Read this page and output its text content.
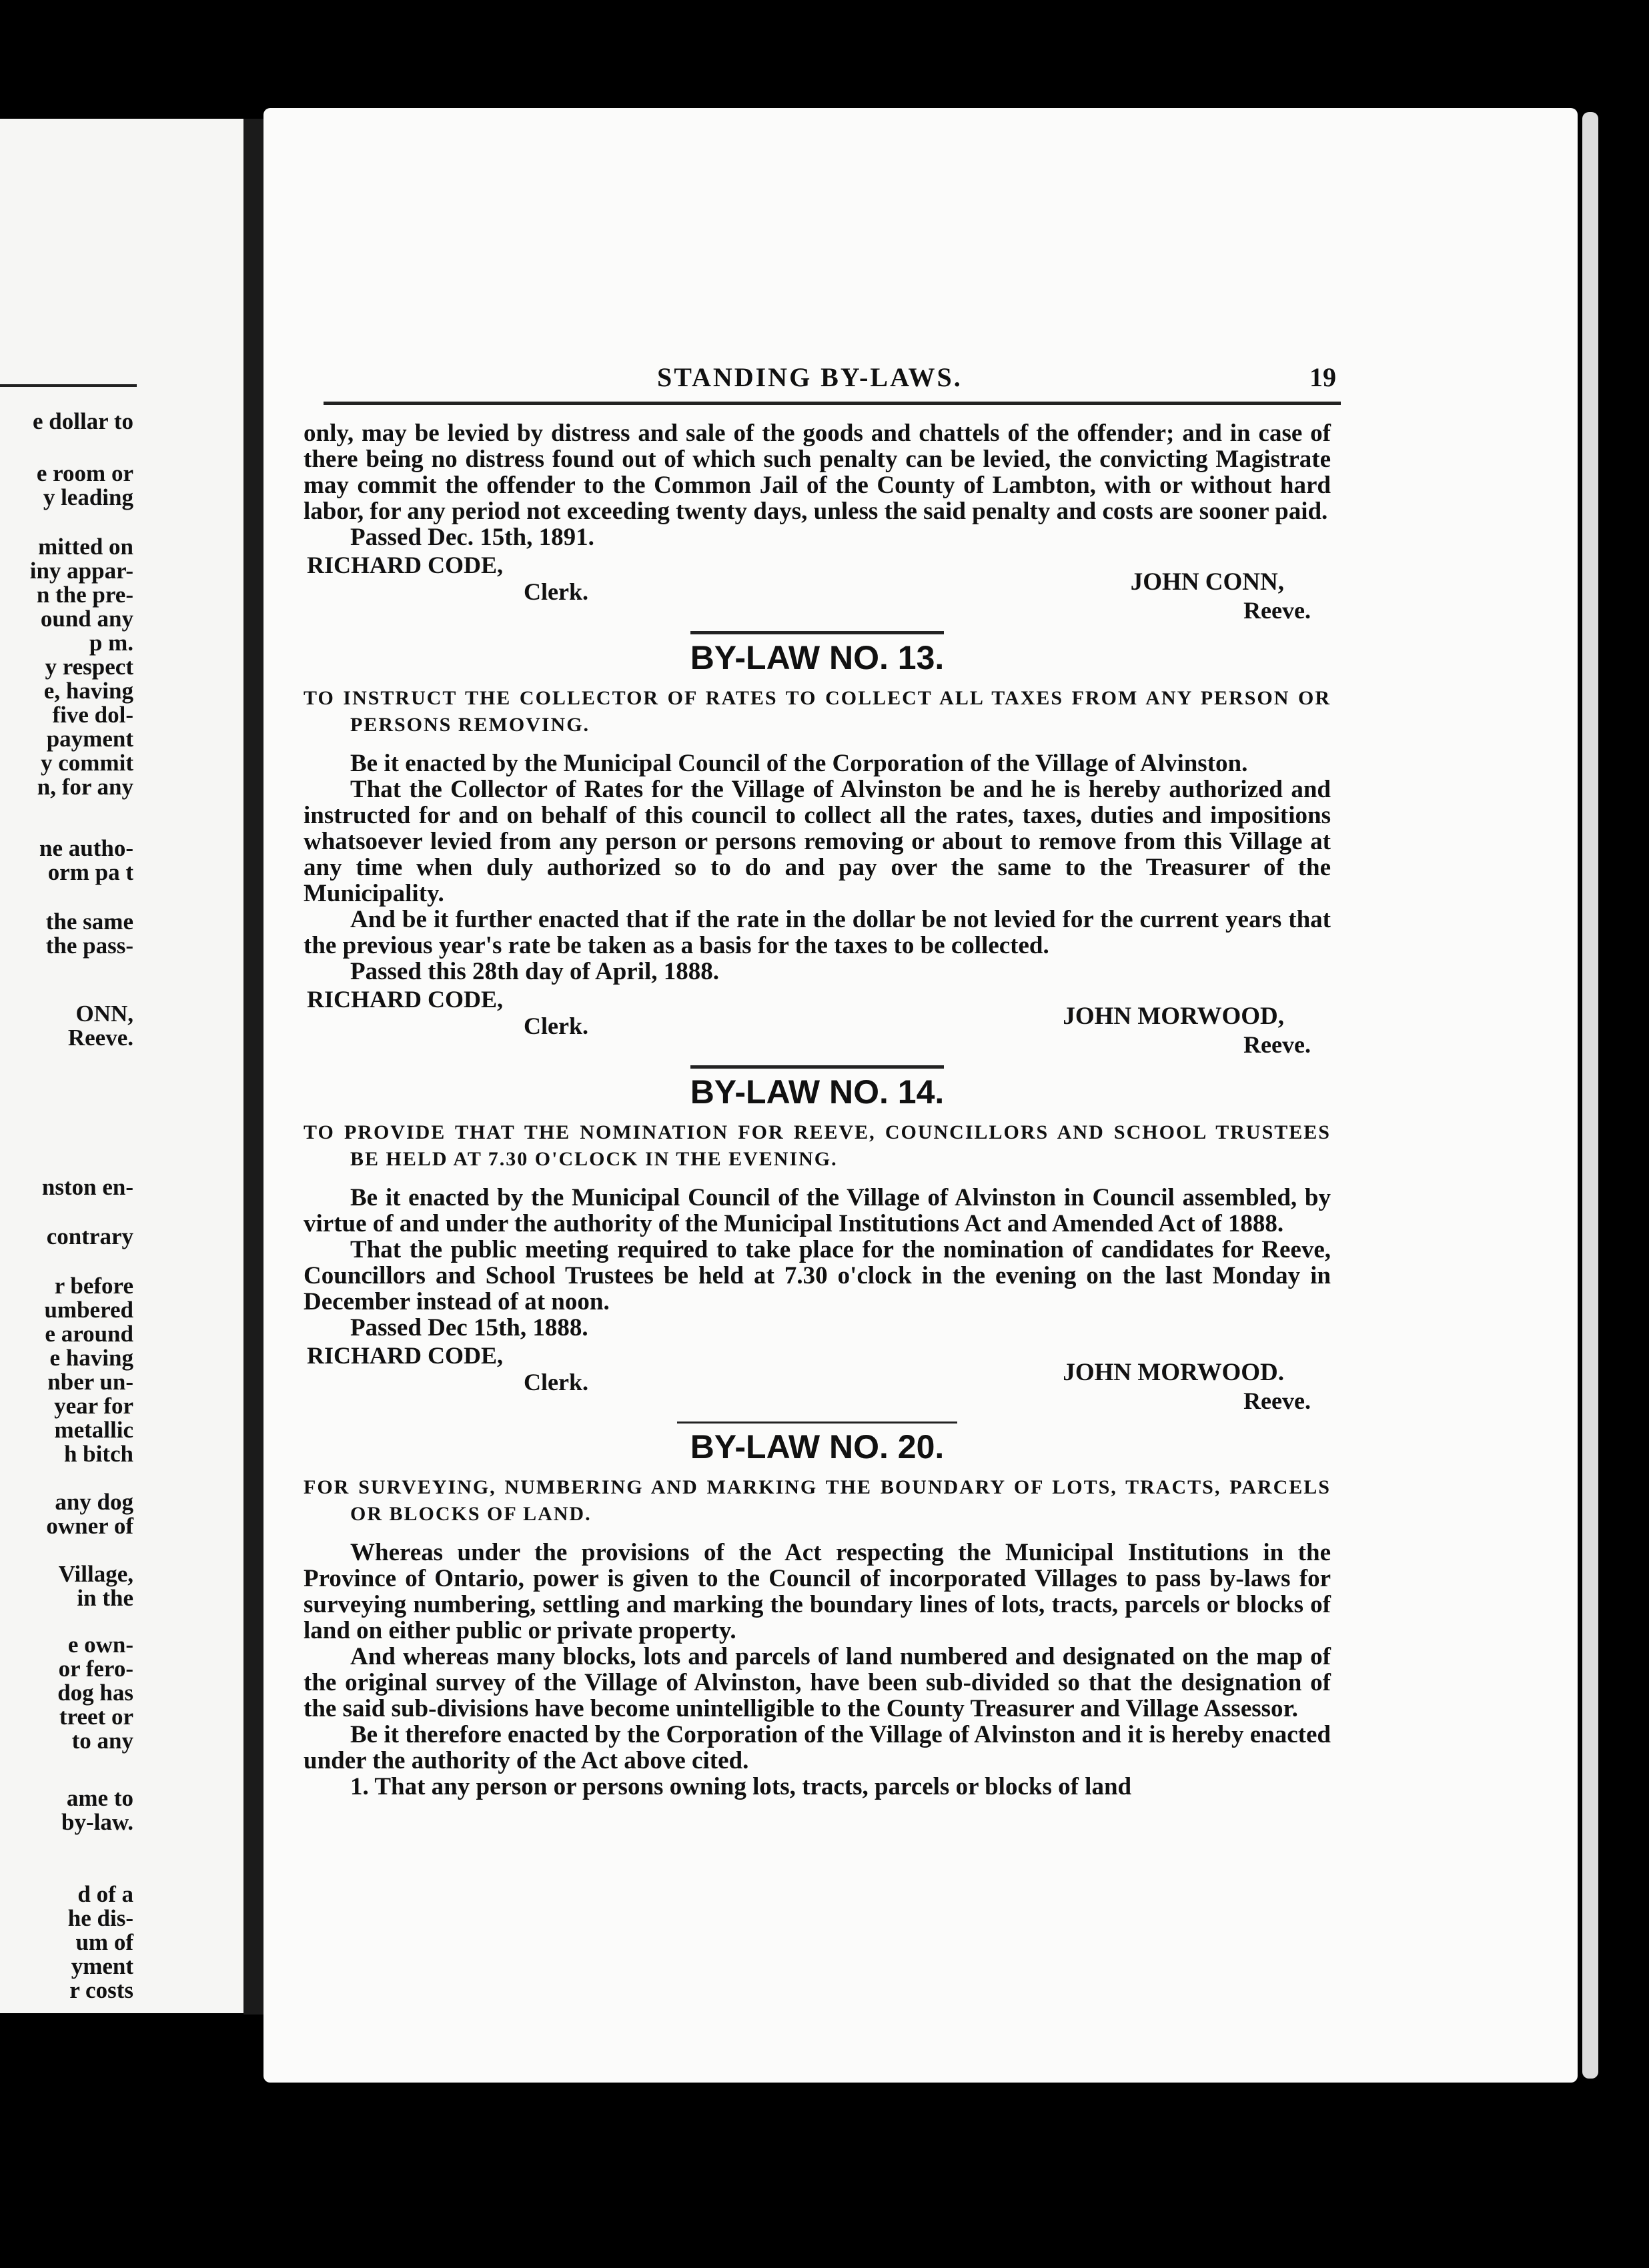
e dollar to
e room or
y leading
mitted on
iny appar-
n the pre-
ound any
p m.
y respect
e, having
five dol-
payment
y commit
n, for any
ne autho-
orm pa t
the same
the pass-
ONN,
Reeve.
nston en-
contrary
r before
umbered
e around
e having
nber un-
year for
metallic
h bitch
any dog
owner of
Village,
in the
e own-
or fero-
dog has
treet or
to any
ame to
by-law.
d of a
he dis-
um of
yment
r costs
STANDING BY-LAWS.	19

only, may be levied by distress and sale of the goods and chattels of the offender; and in case of there being no distress found out of which such penalty can be levied, the convicting Magistrate may commit the offender to the Common Jail of the County of Lambton, with or without hard labor, for any period not exceeding twenty days, unless the said penalty and costs are sooner paid.

Passed Dec. 15th, 1891.

RICHARD CODE,
Clerk.	JOHN CONN,
Reeve.
BY-LAW NO. 13.

TO INSTRUCT THE COLLECTOR OF RATES TO COLLECT ALL TAXES FROM ANY PERSON OR PERSONS REMOVING.

Be it enacted by the Municipal Council of the Corporation of the Village of Alvinston.

That the Collector of Rates for the Village of Alvinston be and he is hereby authorized and instructed for and on behalf of this council to collect all the rates, taxes, duties and impositions whatsoever levied from any person or persons removing or about to remove from this Village at any time when duly authorized so to do and pay over the same to the Treasurer of the Municipality.

And be it further enacted that if the rate in the dollar be not levied for the current years that the previous year's rate be taken as a basis for the taxes to be collected.

Passed this 28th day of April, 1888.

RICHARD CODE,
Clerk.	JOHN MORWOOD,
Reeve.
BY-LAW NO. 14.

TO PROVIDE THAT THE NOMINATION FOR REEVE, COUNCILLORS AND SCHOOL TRUSTEES BE HELD AT 7.30 O'CLOCK IN THE EVENING.

Be it enacted by the Municipal Council of the Village of Alvinston in Council assembled, by virtue of and under the authority of the Municipal Institutions Act and Amended Act of 1888.

That the public meeting required to take place for the nomination of candidates for Reeve, Councillors and School Trustees be held at 7.30 o'clock in the evening on the last Monday in December instead of at noon.

Passed Dec 15th, 1888.

RICHARD CODE,
Clerk.	JOHN MORWOOD.
Reeve.
BY-LAW NO. 20.

FOR SURVEYING, NUMBERING AND MARKING THE BOUNDARY OF LOTS, TRACTS, PARCELS OR BLOCKS OF LAND.

Whereas under the provisions of the Act respecting the Municipal Institutions in the Province of Ontario, power is given to the Council of incorporated Villages to pass by-laws for surveying numbering, settling and marking the boundary lines of lots, tracts, parcels or blocks of land on either public or private property.

And whereas many blocks, lots and parcels of land numbered and designated on the map of the original survey of the Village of Alvinston, have been sub-divided so that the designation of the said sub-divisions have become unintelligible to the County Treasurer and Village Assessor.

Be it therefore enacted by the Corporation of the Village of Alvinston and it is hereby enacted under the authority of the Act above cited.

1. That any person or persons owning lots, tracts, parcels or blocks of land
